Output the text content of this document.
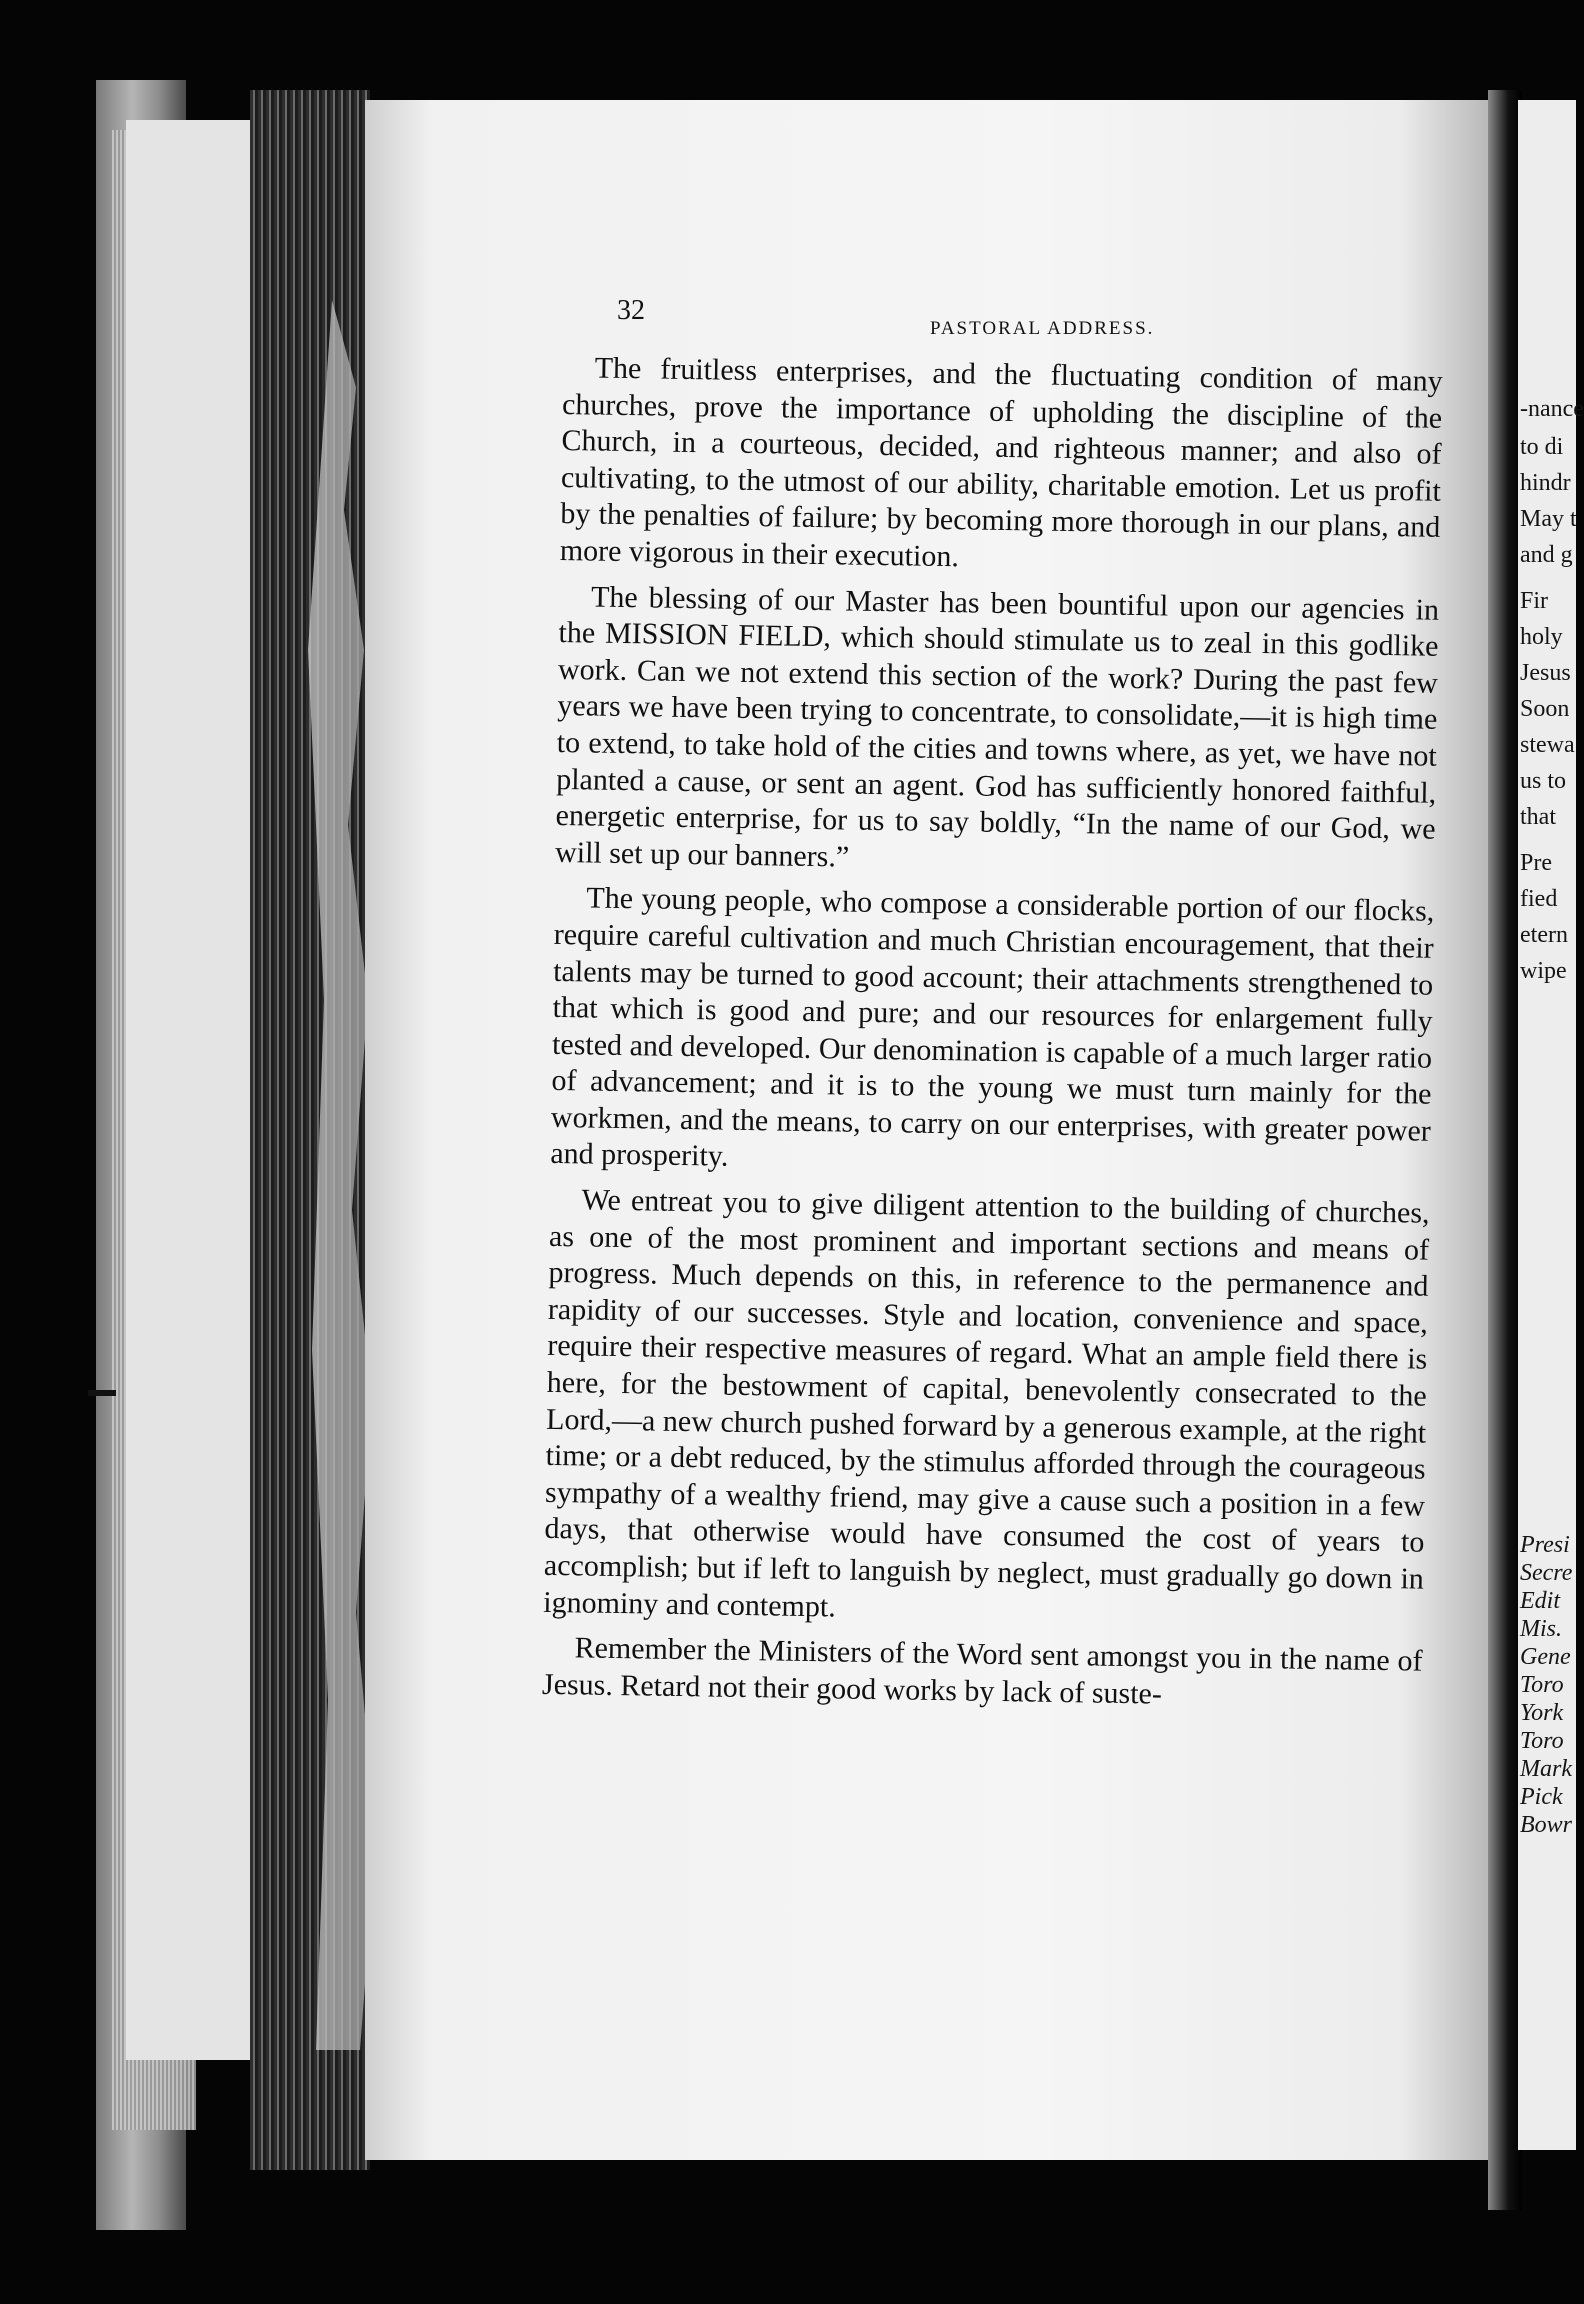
32
PASTORAL ADDRESS.

The fruitless enterprises, and the fluctuating condition of many churches, prove the importance of upholding the discipline of the Church, in a courteous, decided, and righteous manner; and also of cultivating, to the utmost of our ability, charitable emotion. Let us profit by the penalties of failure; by becoming more thorough in our plans, and more vigorous in their execution.

The blessing of our Master has been bountiful upon our agencies in the MISSION FIELD, which should stimulate us to zeal in this godlike work. Can we not extend this section of the work? During the past few years we have been trying to concentrate, to consolidate,—it is high time to extend, to take hold of the cities and towns where, as yet, we have not planted a cause, or sent an agent. God has sufficiently honored faithful, energetic enterprise, for us to say boldly, “In the name of our God, we will set up our banners.”

The young people, who compose a considerable portion of our flocks, require careful cultivation and much Christian encouragement, that their talents may be turned to good account; their attachments strengthened to that which is good and pure; and our resources for enlargement fully tested and developed. Our denomination is capable of a much larger ratio of advancement; and it is to the young we must turn mainly for the workmen, and the means, to carry on our enterprises, with greater power and prosperity.

We entreat you to give diligent attention to the building of churches, as one of the most prominent and important sections and means of progress. Much depends on this, in reference to the permanence and rapidity of our successes. Style and location, convenience and space, require their respective measures of regard. What an ample field there is here, for the bestowment of capital, benevolently consecrated to the Lord,—a new church pushed forward by a generous example, at the right time; or a debt reduced, by the stimulus afforded through the courageous sympathy of a wealthy friend, may give a cause such a position in a few days, that otherwise would have consumed the cost of years to accomplish; but if left to languish by neglect, must gradually go down in ignominy and contempt.

Remember the Ministers of the Word sent amongst you in the name of Jesus. Retard not their good works by lack of suste-

-nance
to di
hindr
May t
and g
Fir
holy
Jesus
Soon
stewa
us to
that
Pre
fied
etern
wipe
Presi
Secre
Edit
Mis.
Gene
Toro
York
Toro
Mark
Pick
Bowr
